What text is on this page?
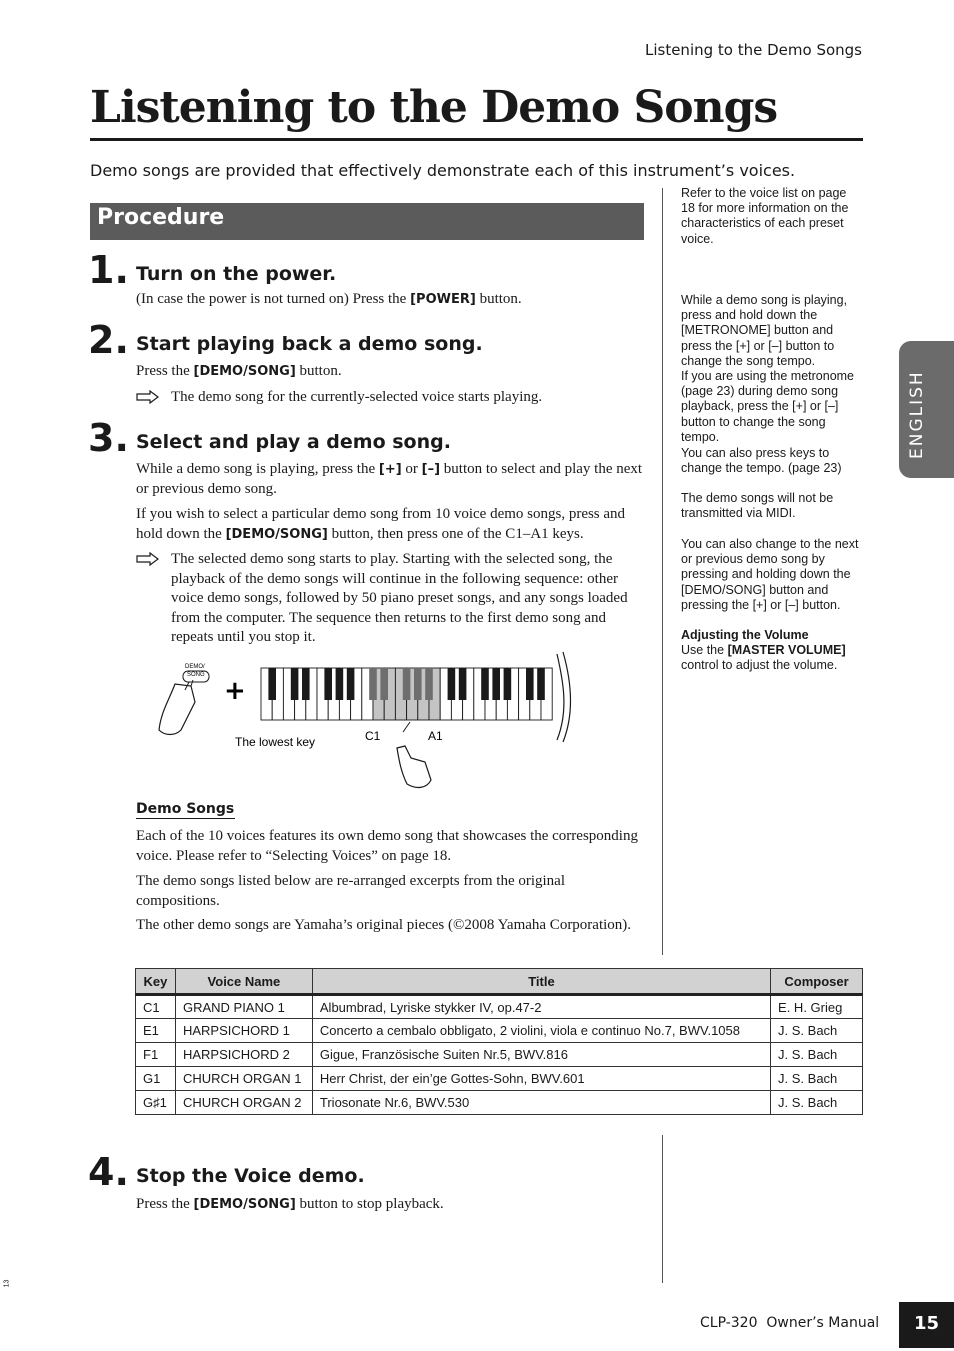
Listening to the Demo Songs
Listening to the Demo Songs

Demo songs are provided that effectively demonstrate each of this instrument’s voices.

Procedure
1. Turn on the power.

(In case the power is not turned on) Press the [POWER] button.

2. Start playing back a demo song.

Press the [DEMO/SONG] button.

The demo song for the currently-selected voice starts playing.

3. Select and play a demo song.

While a demo song is playing, press the [+] or [–] button to select and play the next or previous demo song.

If you wish to select a particular demo song from 10 voice demo songs, press and hold down the [DEMO/SONG] button, then press one of the C1–A1 keys.

The selected demo song starts to play. Starting with the selected song, the playback of the demo songs will continue in the following sequence: other voice demo songs, followed by 50 piano preset songs, and any songs loaded from the computer. The sequence then returns to the first demo song and repeats until you stop it.

DEMO/
SONG
+
The lowest key	C1	A1
Demo Songs

Each of the 10 voices features its own demo song that showcases the corresponding voice. Please refer to “Selecting Voices” on page 18.

The demo songs listed below are re-arranged excerpts from the original compositions.

The other demo songs are Yamaha’s original pieces (©2008 Yamaha Corporation).

Key	Voice Name	Title	Composer
C1	GRAND PIANO 1	Albumbrad, Lyriske stykker IV, op.47-2	E. H. Grieg
E1	HARPSICHORD 1	Concerto a cembalo obbligato, 2 violini, viola e continuo No.7, BWV.1058	J. S. Bach
F1	HARPSICHORD 2	Gigue, Französische Suiten Nr.5, BWV.816	J. S. Bach
G1	CHURCH ORGAN 1	Herr Christ, der ein’ge Gottes-Sohn, BWV.601	J. S. Bach
G♯1	CHURCH ORGAN 2	Triosonate Nr.6, BWV.530	J. S. Bach
4. Stop the Voice demo.

Press the [DEMO/SONG] button to stop playback.

Refer to the voice list on page 18 for more information on the characteristics of each preset voice.

While a demo song is playing, press and hold down the [METRONOME] button and press the [+] or [–] button to change the song tempo.

If you are using the metronome (page 23) during demo song playback, press the [+] or [–] button to change the song tempo.

You can also press keys to change the tempo. (page 23)

The demo songs will not be transmitted via MIDI.

You can also change to the next or previous demo song by pressing and holding down the [DEMO/SONG] button and pressing the [+] or [–] button.

Adjusting the Volume

Use the [MASTER VOLUME] control to adjust the volume.

ENGLISH
CLP-320  Owner’s Manual	15
13
